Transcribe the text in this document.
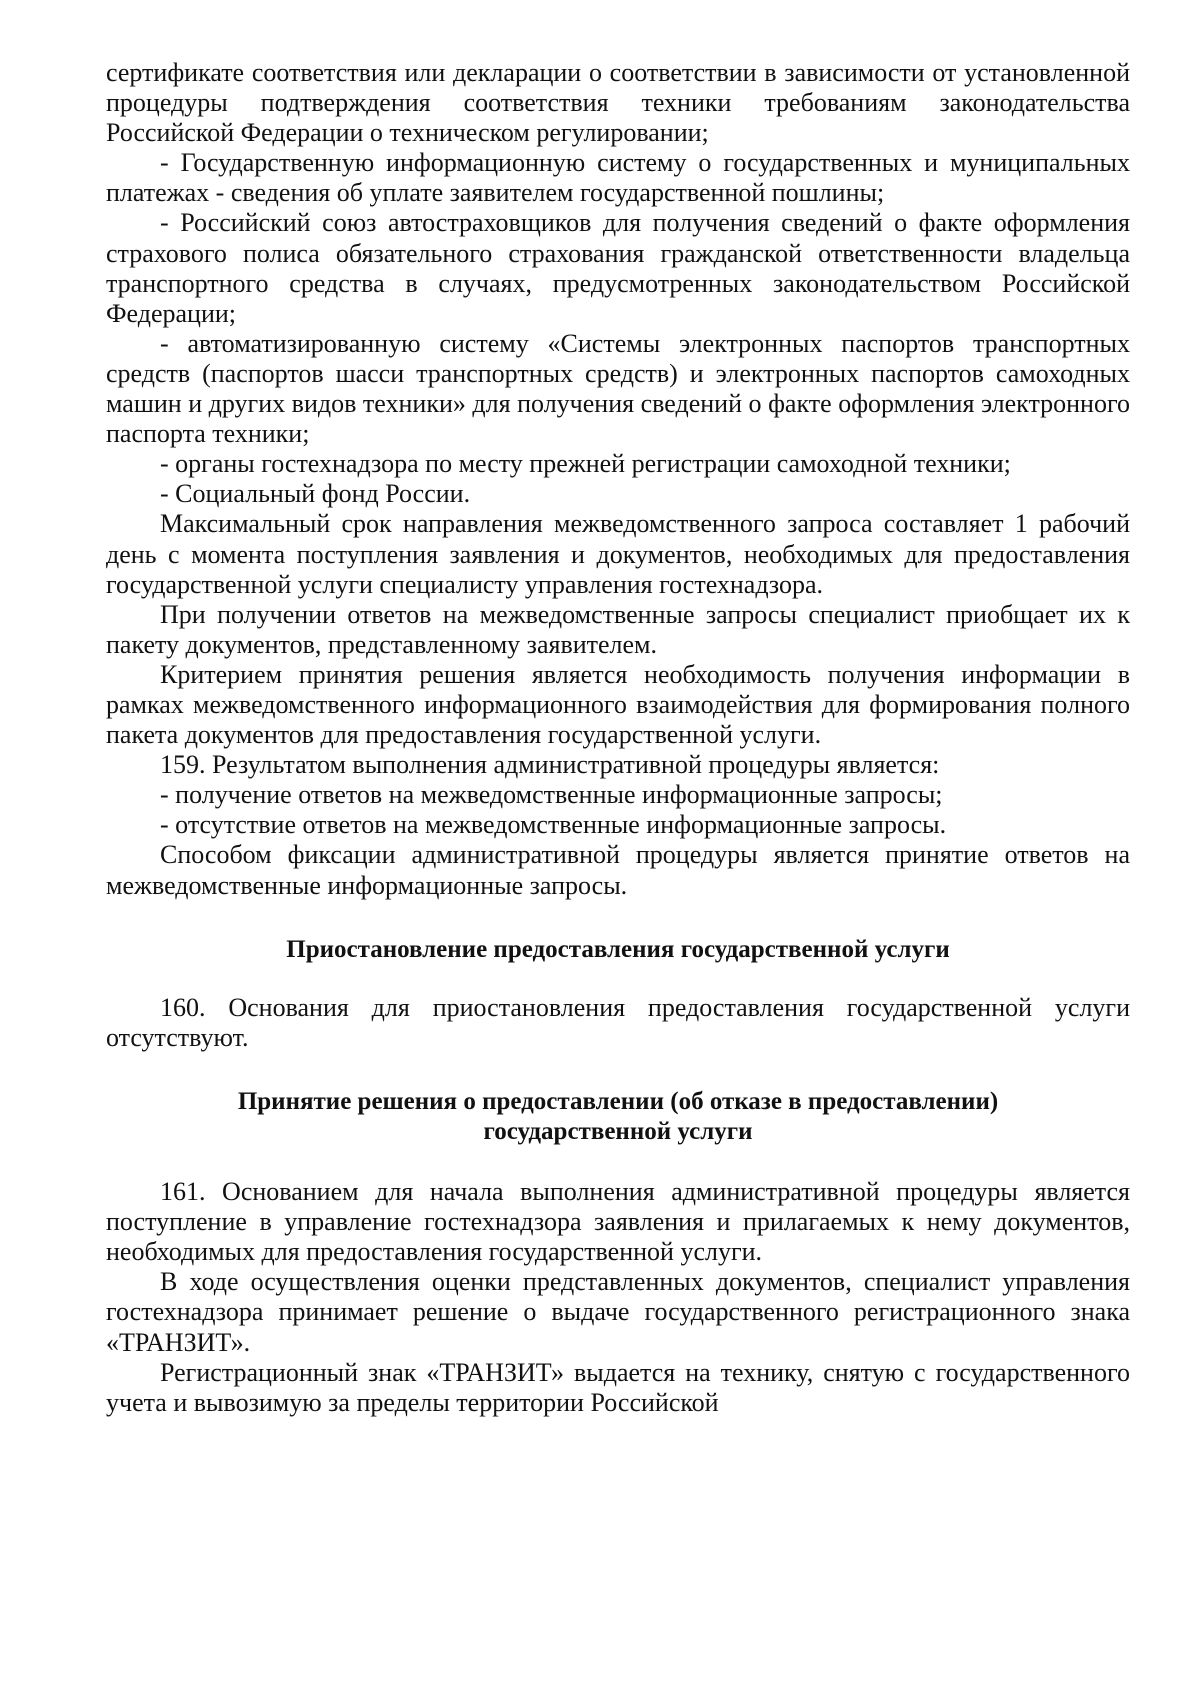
сертификате соответствия или декларации о соответствии в зависимости от установленной процедуры подтверждения соответствия техники требованиям законодательства Российской Федерации о техническом регулировании;

- Государственную информационную систему о государственных и муниципальных платежах - сведения об уплате заявителем государственной пошлины;

- Российский союз автостраховщиков для получения сведений о факте оформления страхового полиса обязательного страхования гражданской ответственности владельца транспортного средства в случаях, предусмотренных законодательством Российской Федерации;

- автоматизированную систему «Системы электронных паспортов транспортных средств (паспортов шасси транспортных средств) и электронных паспортов самоходных машин и других видов техники» для получения сведений о факте оформления электронного паспорта техники;

- органы гостехнадзора по месту прежней регистрации самоходной техники;

- Социальный фонд России.

Максимальный срок направления межведомственного запроса составляет 1 рабочий день с момента поступления заявления и документов, необходимых для предоставления государственной услуги специалисту управления гостехнадзора.

При получении ответов на межведомственные запросы специалист приобщает их к пакету документов, представленному заявителем.

Критерием принятия решения является необходимость получения информации в рамках межведомственного информационного взаимодействия для формирования полного пакета документов для предоставления государственной услуги.

159. Результатом выполнения административной процедуры является:

- получение ответов на межведомственные информационные запросы;

- отсутствие ответов на межведомственные информационные запросы.

Способом фиксации административной процедуры является принятие ответов на межведомственные информационные запросы.

Приостановление предоставления государственной услуги

160. Основания для приостановления предоставления государственной услуги отсутствуют.

Принятие решения о предоставлении (об отказе в предоставлении)

государственной услуги

161. Основанием для начала выполнения административной процедуры является поступление в управление гостехнадзора заявления и прилагаемых к нему документов, необходимых для предоставления государственной услуги.

В ходе осуществления оценки представленных документов, специалист управления гостехнадзора принимает решение о выдаче государственного регистрационного знака «ТРАНЗИТ».

Регистрационный знак «ТРАНЗИТ» выдается на технику, снятую с государственного учета и вывозимую за пределы территории Российской
